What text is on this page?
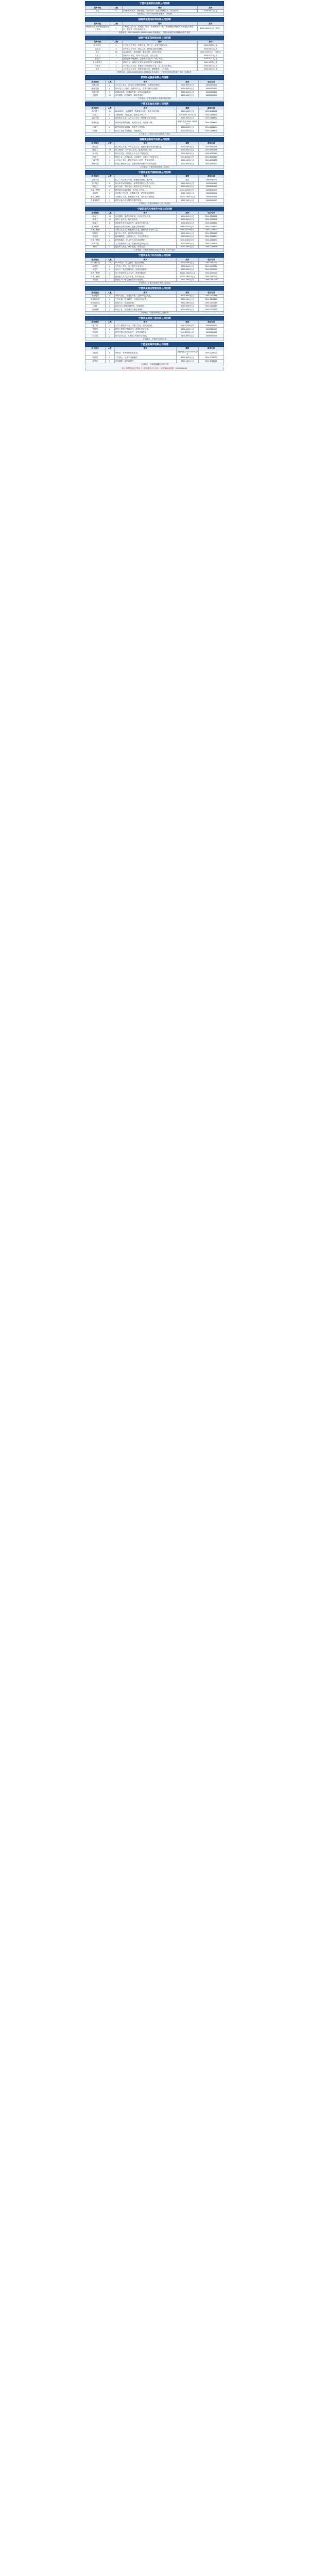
宁德市某某科技有限公司招聘
服务岗位	人数	要求	薪资
普工	5	年龄18-40周岁，身体健康，服从安排，能适应倒班工作，吃苦耐劳。	4500-6500元/月
联系电话：0593-2806088 联系人：李经理
福建某某锂电材料有限公司招聘
服务岗位	人数	要求	薪资
储能系统工程师/电池包设计工程师	5	本科及以上学历，新能源、电气、机械等相关专业，熟悉储能系统集成或电池包结构设计，有相关工作经验者优先。	8000-15000元/月（面议）
联系电话：0593-6609031 0593-6228862 联系地址：宁德市蕉城区漳湾镇新能源产业园
福建宁德某某制造有限公司招聘
服务岗位	人数	要求	薪资
钳工/焊工	5	中专及以上学历，持焊工证、钳工证，有相关经验优先。	6000-8000元/月
质检员	5	高中及以上学历，细心认真，熟悉质量检验流程。	5000-6500元/月
普工	20	18-45周岁，身体健康，服从安排，能适应倒班。	5000-7000元/月，包吃住
叉车工	3	持有效叉车证，有1年以上经验，责任心强。	5500-7000元/月
仓管员	2	熟悉仓库管理流程，会使用办公软件，细心负责。	4500-6000元/月
电工/维修工	4	持电工证，能独立完成设备日常维护与故障排查。	6000-9000元/月
技术员	3	大专及以上学历，机械或自动化相关专业，有工艺经验优先。	6000-8500元/月
统计	1	大专及以上学历，熟练使用Excel，数据敏感，工作细致。	4500-5500元/月
联系电话：0593-2668006 0593-2668005 报名地址：宁德市东侨经济技术开发区工业路8号
某某物流服务有限公司招聘
服务岗位	人数	要求	薪资	联系电话
仓储主管	2	大专以上学历，3年以上仓储管理经验，熟悉WMS系统。	7000-9000元/月	18050520301
配送司机	6	持C1及以上驾照，驾龄3年以上，熟悉宁德市区道路。	6000-8000元/月	18050520302
客服专员	3	普通话标准，沟通能力强，会基本电脑操作。	4000-5500元/月	18050520303
分拣员	10	身体健康，吃苦耐劳，能接受夜班。	4500-6000元/月	18050520304
工作地点：宁德市蕉城区 金涵乡物流园区
宁德某某食品有限公司招聘
服务岗位	人数	要求	薪资	联系电话
生产普工	15	18-50周岁，身体健康，持健康证优先，服从车间安排。	4500-6000元/月	0593-2886601
包装工	8	手脚麻利，工作认真，能适应计件工作。	计件4000-7000元/月	0593-2886601
品控专员	2	食品相关专业，大专以上学历，熟悉食品安全标准。	5000-7000元/月	0593-2886602
销售代表	5	有快消品销售经验，能适应出差，沟通能力强。	底薪+提成 6000-12000元/月	0593-2886603
机修工	2	熟悉食品机械维修，有相关工作经验。	6000-8000元/月	0593-2886604
厨师	1	有员工食堂工作经验，持健康证。	5000-6000元/月	0593-2886605
工作地点：宁德市东侨经济技术开发区
福建某某新材料有限公司招聘
服务岗位	人数	要求	薪资	联系电话
化验员	3	化学相关专业，中专以上学历，能熟练使用常规检测仪器。	5000-6500元/月	0593-6551188
操作工	20	18-45周岁，初中以上学历，能适应四班三倒。	6000-8000元/月	0593-6551188
安全员	2	持安全员证，熟悉化工安全生产管理规范。	6000-8000元/月	0593-6551189
电仪工	4	持电工证，熟悉DCS、仪表维护，有化工厂经验优先。	7000-10000元/月	0593-6551189
行政文员	1	大专以上学历，熟练使用办公软件，有文字功底。	4000-5000元/月	0593-6551190
环保专员	1	环境工程相关专业，熟悉环保法规和排污许可管理。	6000-8000元/月	0593-6551190
工作地点：宁德市福安湾坞工业园区
宁德某某医疗器械有限公司招聘
服务岗位	人数	要求	薪资	联系电话
注册专员	1	医学、药学相关专业，熟悉医疗器械注册法规。	面议	13905030101
生产组长	2	有洁净车间管理经验，能带领团队完成生产计划。	6500-8000元/月	13905030102
装配工	12	视力良好，手指灵活，能适应无尘车间作业。	4500-6000元/月	13905030103
质量工程师	2	熟悉ISO13485体系，本科以上学历。	8000-12000元/月	13905030104
采购员	1	有采购工作经验，谈判能力强，熟悉供应商管理。	5000-7000元/月	13905030105
研发工程师	3	生物医学工程、机械相关专业，有产品开发经验。	10000-18000元/月	13905030106
设备管理员	1	熟悉设备台账与预防性维护管理。	5500-7000元/月	13905030107
工作地点：宁德市蕉城区 七都工业园区
宁德某某汽车零部件有限公司招聘
服务岗位	人数	要求	薪资	联系电话
冲压工	10	身体健康，能适应两班倒，有冲压经验优先。	6000-8000元/月	0593-2358801
焊装工	10	持焊工证优先，能吃苦耐劳。	6000-8500元/月	0593-2358801
涂装工	6	有喷涂作业经验者优先，能适应车间环境。	6000-8000元/月	0593-2358802
模具维修	3	熟悉冲压模具结构，能独立维修调试。	8000-11000元/月	0593-2358802
工艺工程师	2	本科以上学历，机械相关专业，熟悉汽车零部件工艺。	9000-14000元/月	0593-2358803
物料员	4	高中以上学历，熟悉物料收发流程。	4500-5500元/月	0593-2358803
检验员	5	能看懂图纸，会使用卡尺、千分尺等量具。	5000-6500元/月	0593-2358804
设备工程师	2	熟悉机器人、PLC等自动化设备维护。	9000-13000元/月	0593-2358804
人事专员	1	人力资源相关专业，熟悉招聘及劳动法规。	5000-6500元/月	0593-2358805
保安	2	退伍军人优先，身体健康，责任心强。	4000-4800元/月	0593-2358806
工作地点：宁德市东侨经济技术开发区 汽车产业园
宁德某某电子科技有限公司招聘
服务岗位	人数	要求	薪资	联系电话
SMT操作员	15	18-38周岁，视力良好，能适应倒班。	5000-6500元/月	0593-2997001
测试员	6	中专以上学历，电子相关专业优先。	5000-6500元/月	0593-2997001
IPQC	3	有电子厂品质管理经验，熟悉检验标准。	5000-6500元/月	0593-2997002
硬件工程师	2	电子信息相关专业本科，熟悉电路设计。	10000-16000元/月	0593-2997003
软件工程师	2	熟悉嵌入式C语言开发，有项目经验。	10000-16000元/月	0593-2997003
计划员	1	熟悉生产计划与物料需求计划编制。	5500-7000元/月	0593-2997004
工作地点：宁德市蕉城区 漳湾工业园区
宁德某某酒店管理有限公司招聘
服务岗位	人数	要求	薪资	联系电话
前台接待	4	形象气质佳，普通话标准，会简单英语优先。	4000-5000元/月	0593-2100188
客房服务员	6	工作认真，吃苦耐劳，有酒店经验优先。	3800-4800元/月	0593-2100188
餐厅服务员	6	热情大方，服务意识强。	3800-4800元/月	0593-2100189
厨师	2	有3年以上闽菜厨师经验，持健康证。	6000-9000元/月	0593-2100189
工程维修	2	持电工证，熟悉酒店设施设备维护。	5000-6500元/月	0593-2100190
工作地点：宁德市蕉城区 天湖东路
宁德某某建设工程有限公司招聘
服务岗位	人数	要求	薪资	联系电话
施工员	3	土木工程相关专业，持施工员证，有现场经验。	7000-10000元/月	15059330101
资料员	2	熟悉工程资料整理归档，持资料员证优先。	4500-6000元/月	15059330102
造价员	1	熟悉广联达等造价软件，有预结算经验。	7000-10000元/月	15059330103
安全员	2	持安全员C证，熟悉施工现场安全管理。	6000-8000元/月	15059330104
工作地点：宁德市各项目工地
宁德某某商贸有限公司招聘
服务岗位	人数	要求	薪资	联系电话
导购员	8	形象好，有销售经验者优先。	底薪+提成 4000-8000元/月	0593-2755020
收银员	4	工作细心，会基本电脑操作。	3800-4500元/月	0593-2755020
理货员	6	身体健康，能吃苦耐劳。	3800-4500元/月	0593-2755021
工作地点：宁德市蕉城区 闽东中路
以上招聘信息由宁德市人力资源服务中心发布，如有疑问请联系：0593-2866111
